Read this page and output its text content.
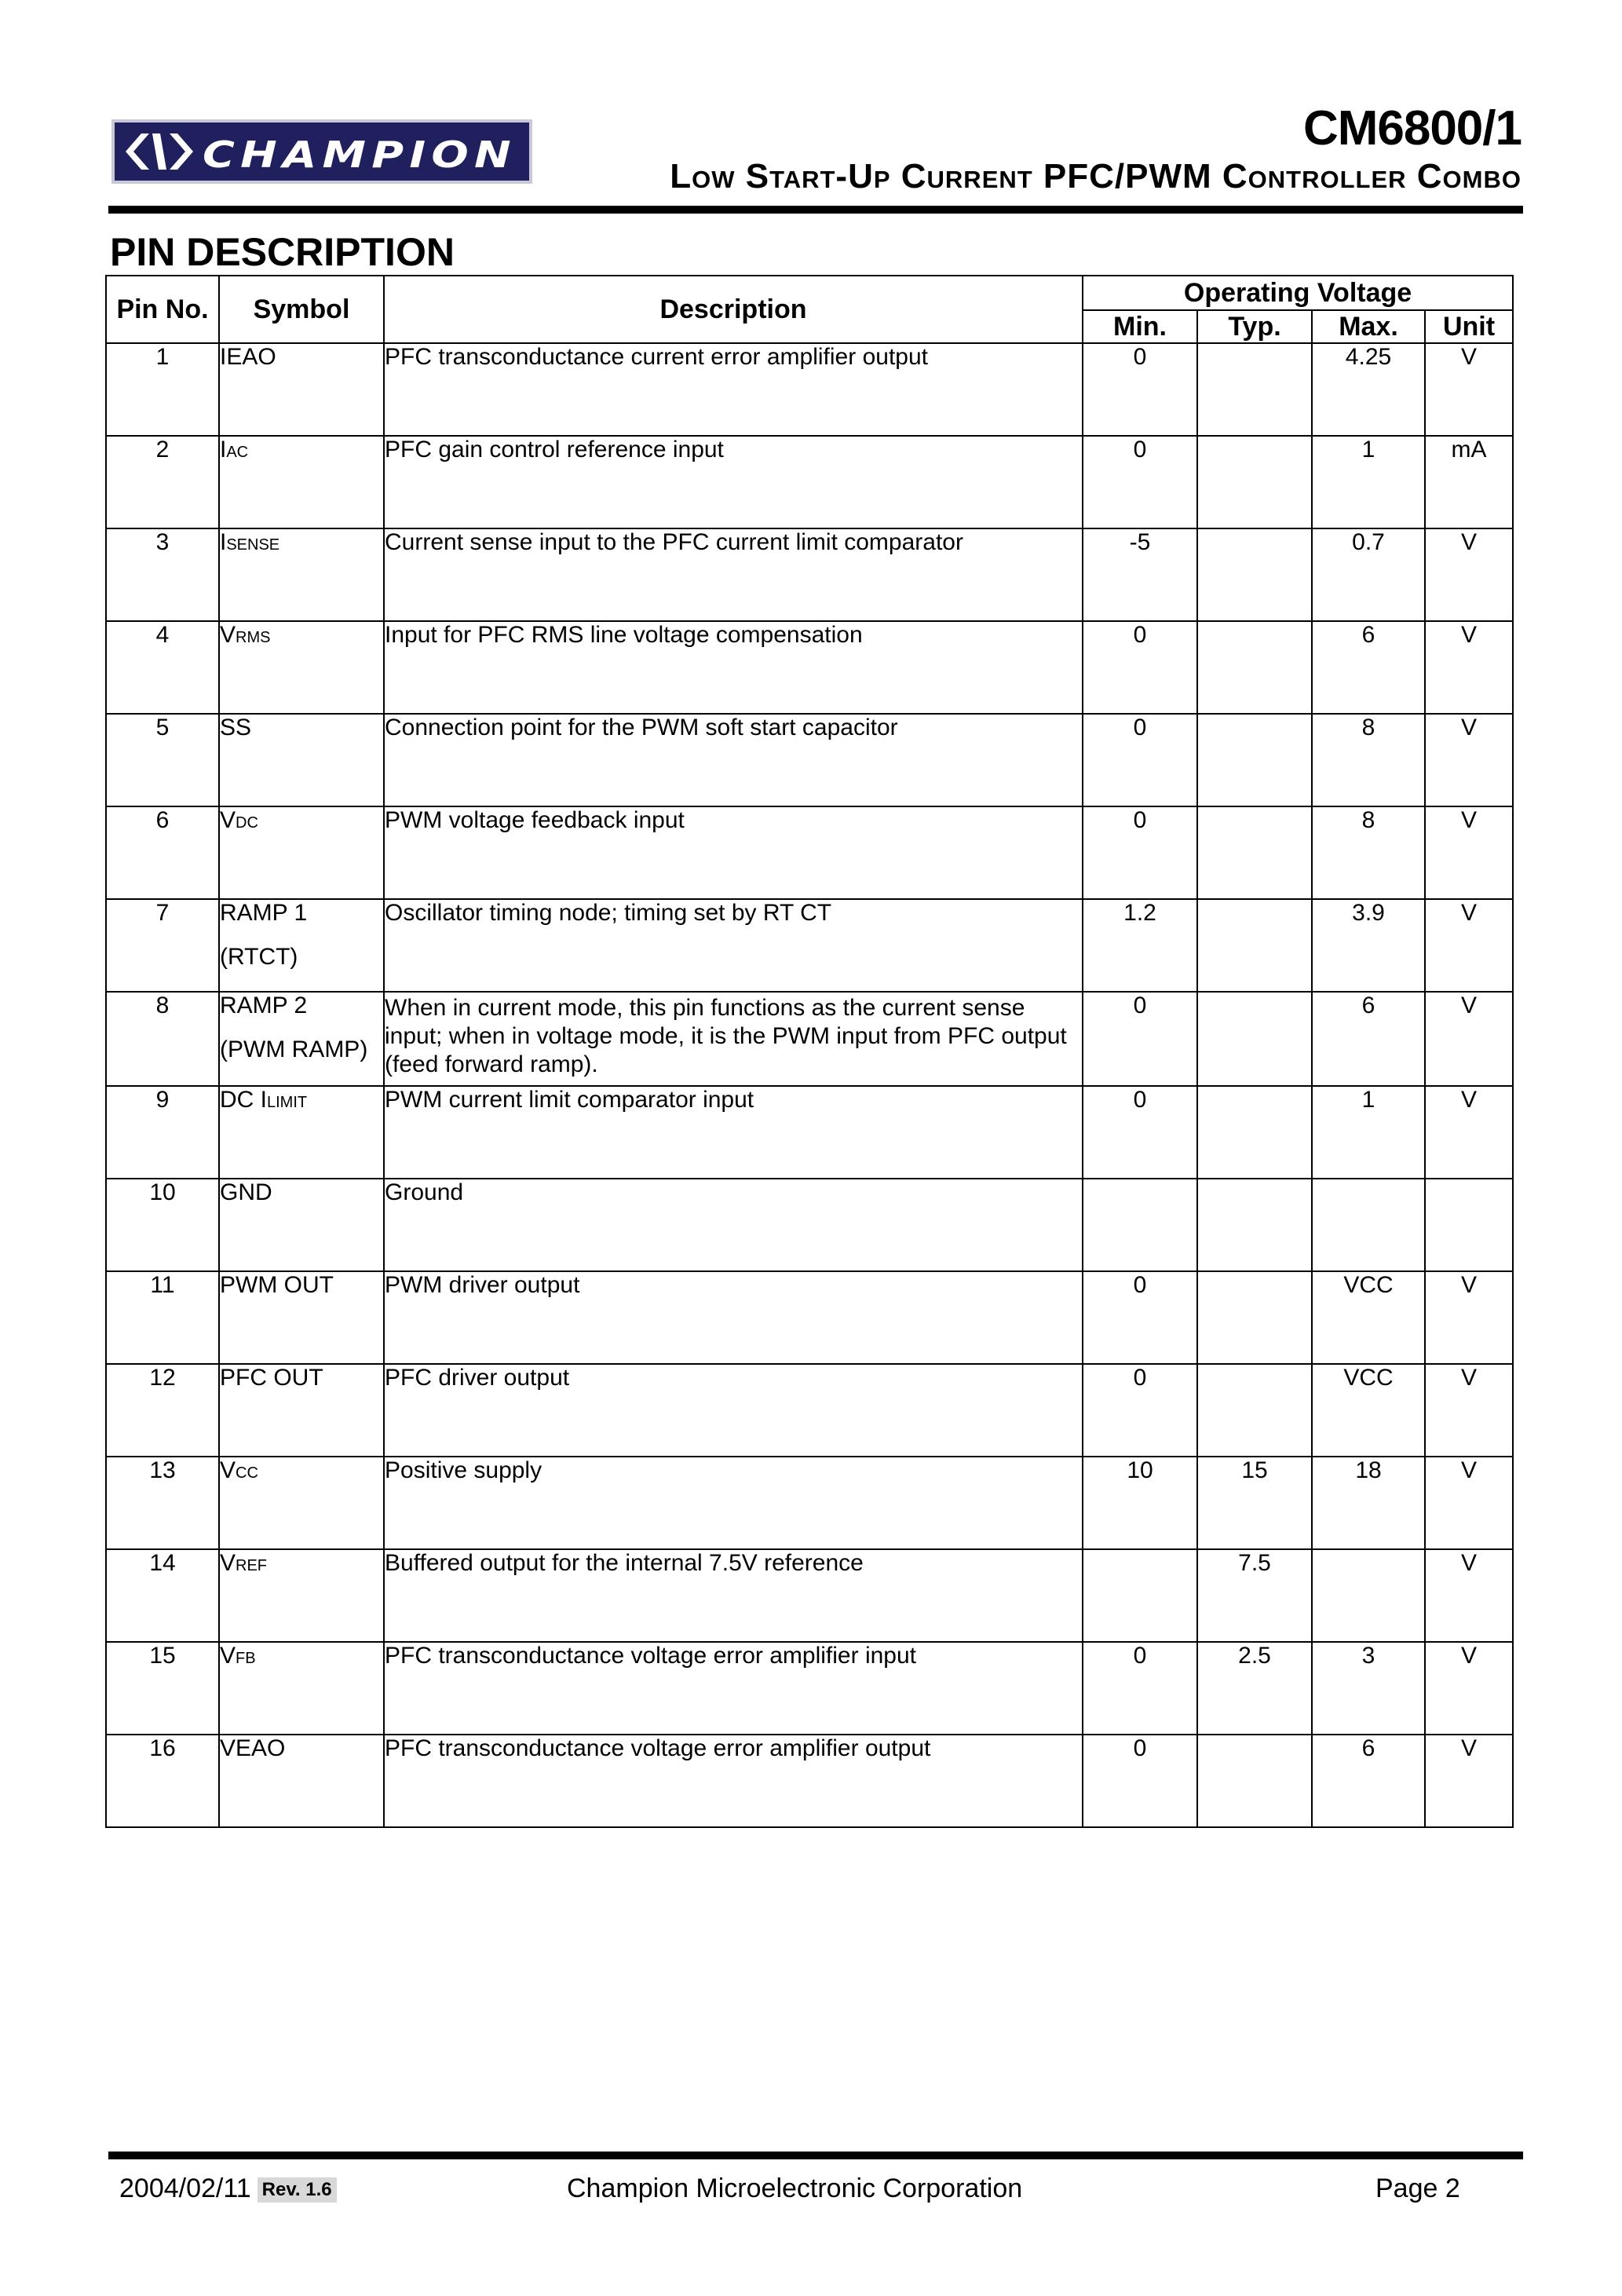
CHAMPION	CM6800/1
Low Start-Up Current PFC/PWM Controller Combo
PIN DESCRIPTION
Pin No.	Symbol	Description	Operating Voltage			
			Min.	Typ.	Max.	Unit
1	IEAO	PFC transconductance current error amplifier output	0		4.25	V
2	IAC	PFC gain control reference input	0		1	mA
3	ISENSE	Current sense input to the PFC current limit comparator	-5		0.7	V
4	VRMS	Input for PFC RMS line voltage compensation	0		6	V
5	SS	Connection point for the PWM soft start capacitor	0		8	V
6	VDC	PWM voltage feedback input	0		8	V
7	RAMP 1
(RTCT)	Oscillator timing node; timing set by RT CT	1.2		3.9	V
8	RAMP 2
(PWM RAMP)	When in current mode, this pin functions as the current sense input; when in voltage mode, it is the PWM input from PFC output (feed forward ramp).	0		6	V
9	DC ILIMIT	PWM current limit comparator input	0		1	V
10	GND	Ground				
11	PWM OUT	PWM driver output	0		VCC	V
12	PFC OUT	PFC driver output	0		VCC	V
13	VCC	Positive supply	10	15	18	V
14	VREF	Buffered output for the internal 7.5V reference		7.5		V
15	VFB	PFC transconductance voltage error amplifier input	0	2.5	3	V
16	VEAO	PFC transconductance voltage error amplifier output	0		6	V
2004/02/11 Rev. 1.6	Champion Microelectronic Corporation	Page 2
